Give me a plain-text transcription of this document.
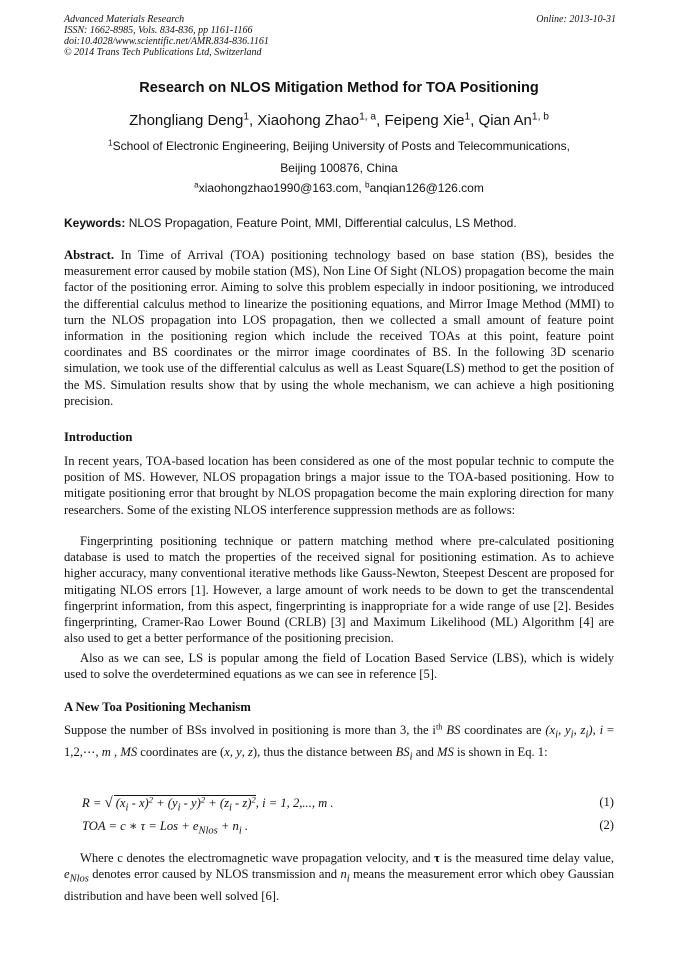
Advanced Materials Research
ISSN: 1662-8985, Vols. 834-836, pp 1161-1166
doi:10.4028/www.scientific.net/AMR.834-836.1161
© 2014 Trans Tech Publications Ltd, Switzerland
Online: 2013-10-31
Research on NLOS Mitigation Method for TOA Positioning
Zhongliang Deng$^1$, Xiaohong Zhao$^{1, a}$, Feipeng Xie$^1$, Qian An$^{1, b}$
$^1$School of Electronic Engineering, Beijing University of Posts and Telecommunications,
Beijing 100876, China
$^a$xiaohongzhao1990@163.com, $^b$anqian126@126.com
Keywords: NLOS Propagation, Feature Point, MMI, Differential calculus, LS Method.

Abstract. In Time of Arrival (TOA) positioning technology based on base station (BS), besides the measurement error caused by mobile station (MS), Non Line Of Sight (NLOS) propagation become the main factor of the positioning error. Aiming to solve this problem especially in indoor positioning, we introduced the differential calculus method to linearize the positioning equations, and Mirror Image Method (MMI) to turn the NLOS propagation into LOS propagation, then we collected a small amount of feature point information in the positioning region which include the received TOAs at this point, feature point coordinates and BS coordinates or the mirror image coordinates of BS. In the following 3D scenario simulation, we took use of the differential calculus as well as Least Square(LS) method to get the position of the MS. Simulation results show that by using the whole mechanism, we can achieve a high positioning precision.

Introduction

In recent years, TOA-based location has been considered as one of the most popular technic to compute the position of MS. However, NLOS propagation brings a major issue to the TOA-based positioning. How to mitigate positioning error that brought by NLOS propagation become the main exploring direction for many researchers. Some of the existing NLOS interference suppression methods are as follows:

Fingerprinting positioning technique or pattern matching method where pre-calculated positioning database is used to match the properties of the received signal for positioning estimation. As to achieve higher accuracy, many conventional iterative methods like Gauss-Newton, Steepest Descent are proposed for mitigating NLOS errors [1]. However, a large amount of work needs to be down to get the transcendental fingerprint information, from this aspect, fingerprinting is inappropriate for a wide range of use [2]. Besides fingerprinting, Cramer-Rao Lower Bound (CRLB) [3] and Maximum Likelihood (ML) Algorithm [4] are also used to get a better performance of the positioning precision.

Also as we can see, LS is popular among the field of Location Based Service (LBS), which is widely used to solve the overdetermined equations as we can see in reference [5].

A New Toa Positioning Mechanism

Suppose the number of BSs involved in positioning is more than 3, the $i^{th}$ BS coordinates are ($x_i$, $y_i$, $z_i$), i = 1,2,⋯, m , MS coordinates are (x, y, z), thus the distance between $BS_i$ and MS is shown in Eq. 1:

R = √ $(x_i - x)^2 + (y_i - y)^2 + (z_i - z)^2$, i = 1, 2,..., m .	(1)
TOA = c ∗ τ = Los + $e_{Nlos} + n_i$ .	(2)

Where c denotes the electromagnetic wave propagation velocity, and τ is the measured time delay value, $e_{Nlos}$ denotes error caused by NLOS transmission and $n_i$ means the measurement error which obey Gaussian distribution and have been well solved [6].
